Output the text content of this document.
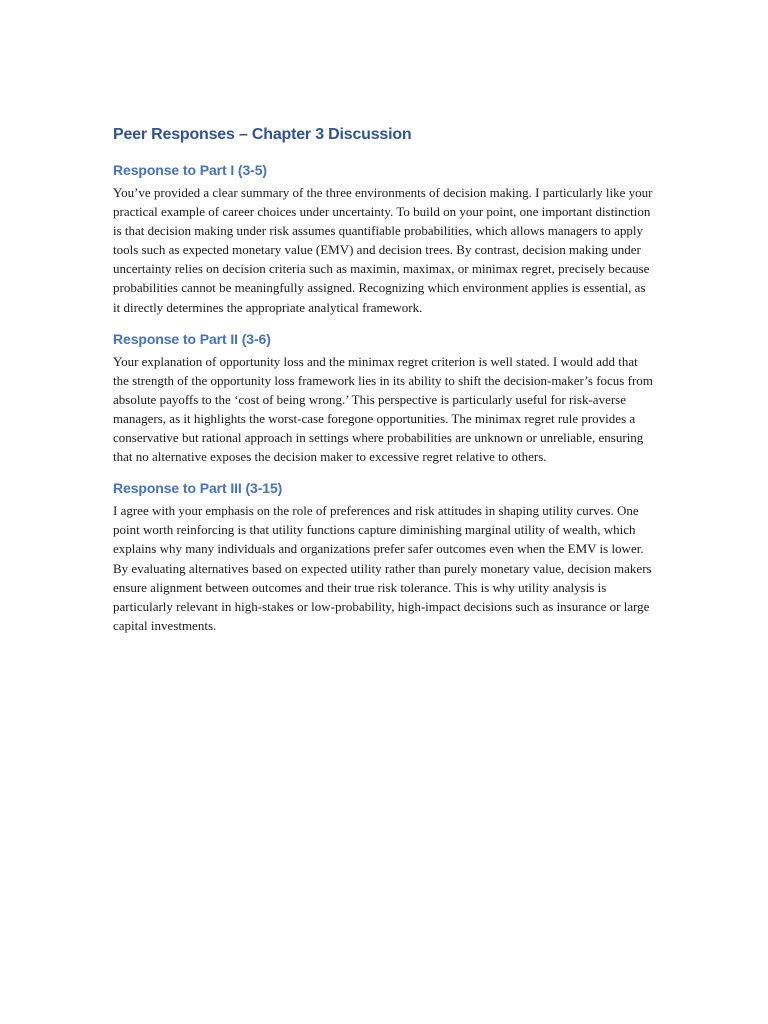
Peer Responses – Chapter 3 Discussion
Response to Part I (3-5)

You’ve provided a clear summary of the three environments of decision making. I particularly like your practical example of career choices under uncertainty. To build on your point, one important distinction is that decision making under risk assumes quantifiable probabilities, which allows managers to apply tools such as expected monetary value (EMV) and decision trees. By contrast, decision making under uncertainty relies on decision criteria such as maximin, maximax, or minimax regret, precisely because probabilities cannot be meaningfully assigned. Recognizing which environment applies is essential, as it directly determines the appropriate analytical framework.

Response to Part II (3-6)

Your explanation of opportunity loss and the minimax regret criterion is well stated. I would add that the strength of the opportunity loss framework lies in its ability to shift the decision-maker’s focus from absolute payoffs to the ‘cost of being wrong.’ This perspective is particularly useful for risk-averse managers, as it highlights the worst-case foregone opportunities. The minimax regret rule provides a conservative but rational approach in settings where probabilities are unknown or unreliable, ensuring that no alternative exposes the decision maker to excessive regret relative to others.

Response to Part III (3-15)

I agree with your emphasis on the role of preferences and risk attitudes in shaping utility curves. One point worth reinforcing is that utility functions capture diminishing marginal utility of wealth, which explains why many individuals and organizations prefer safer outcomes even when the EMV is lower. By evaluating alternatives based on expected utility rather than purely monetary value, decision makers ensure alignment between outcomes and their true risk tolerance. This is why utility analysis is particularly relevant in high-stakes or low-probability, high-impact decisions such as insurance or large capital investments.
